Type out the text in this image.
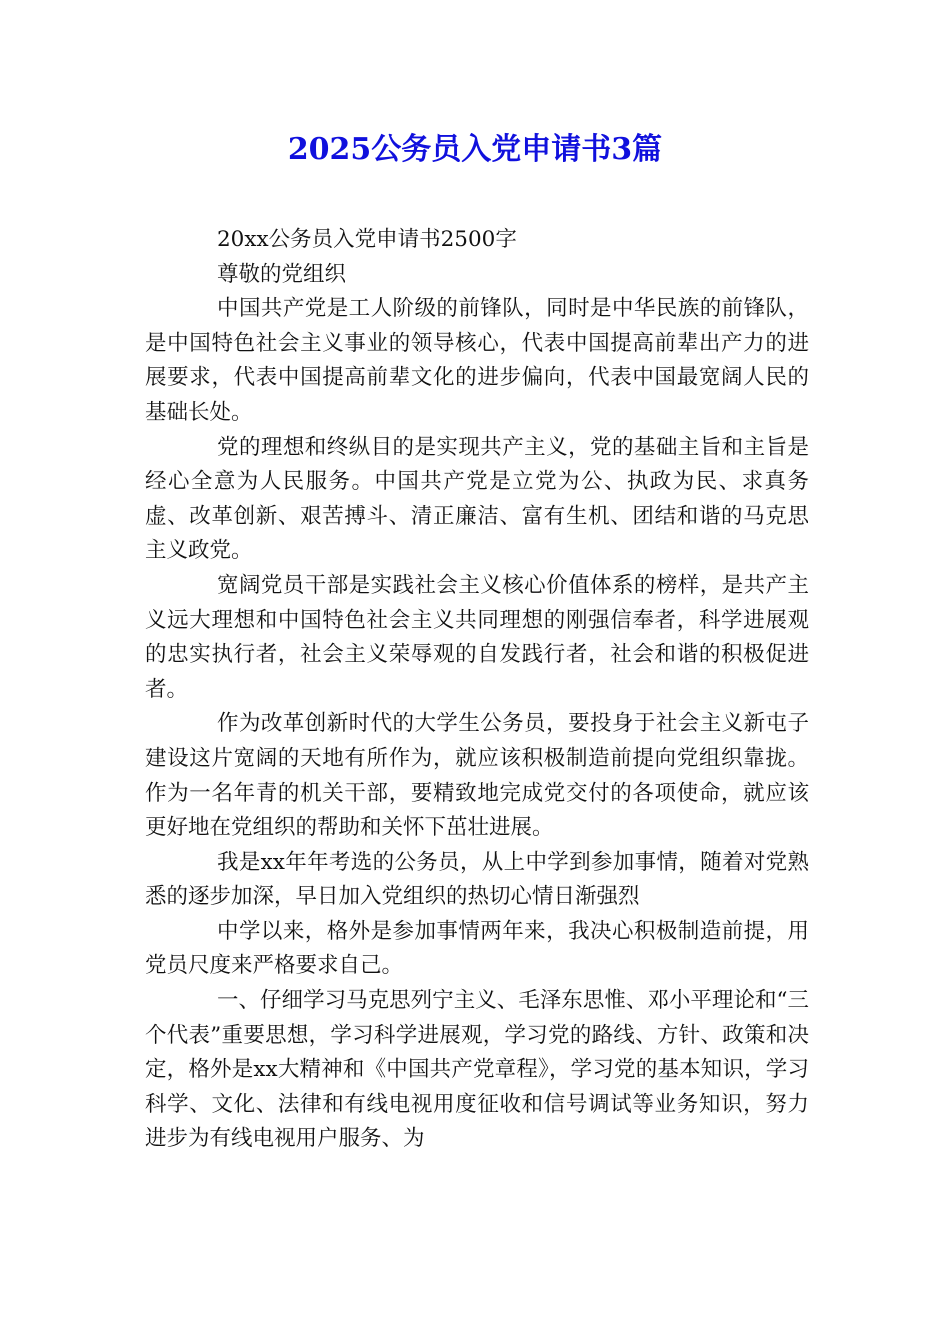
2025公务员入党申请书3篇

20xx公务员入党申请书2500字

尊敬的党组织

中国共产党是工人阶级的前锋队，同时是中华民族的前锋队，是中国特色社会主义事业的领导核心，代表中国提高前辈出产力的进展要求，代表中国提高前辈文化的进步偏向，代表中国最宽阔人民的基础长处。

党的理想和终纵目的是实现共产主义，党的基础主旨和主旨是经心全意为人民服务。中国共产党是立党为公、执政为民、求真务虚、改革创新、艰苦搏斗、清正廉洁、富有生机、团结和谐的马克思主义政党。

宽阔党员干部是实践社会主义核心价值体系的榜样，是共产主义远大理想和中国特色社会主义共同理想的刚强信奉者，科学进展观的忠实执行者，社会主义荣辱观的自发践行者，社会和谐的积极促进者。

作为改革创新时代的大学生公务员，要投身于社会主义新屯子建设这片宽阔的天地有所作为，就应该积极制造前提向党组织靠拢。作为一名年青的机关干部，要精致地完成党交付的各项使命，就应该更好地在党组织的帮助和关怀下茁壮进展。

我是xx年年考选的公务员，从上中学到参加事情，随着对党熟悉的逐步加深，早日加入党组织的热切心情日渐强烈

中学以来，格外是参加事情两年来，我决心积极制造前提，用党员尺度来严格要求自己。

一、仔细学习马克思列宁主义、毛泽东思惟、邓小平理论和“三个代表”重要思想，学习科学进展观，学习党的路线、方针、政策和决定，格外是xx大精神和《中国共产党章程》，学习党的基本知识，学习科学、文化、法律和有线电视用度征收和信号调试等业务知识，努力进步为有线电视用户服务、为
